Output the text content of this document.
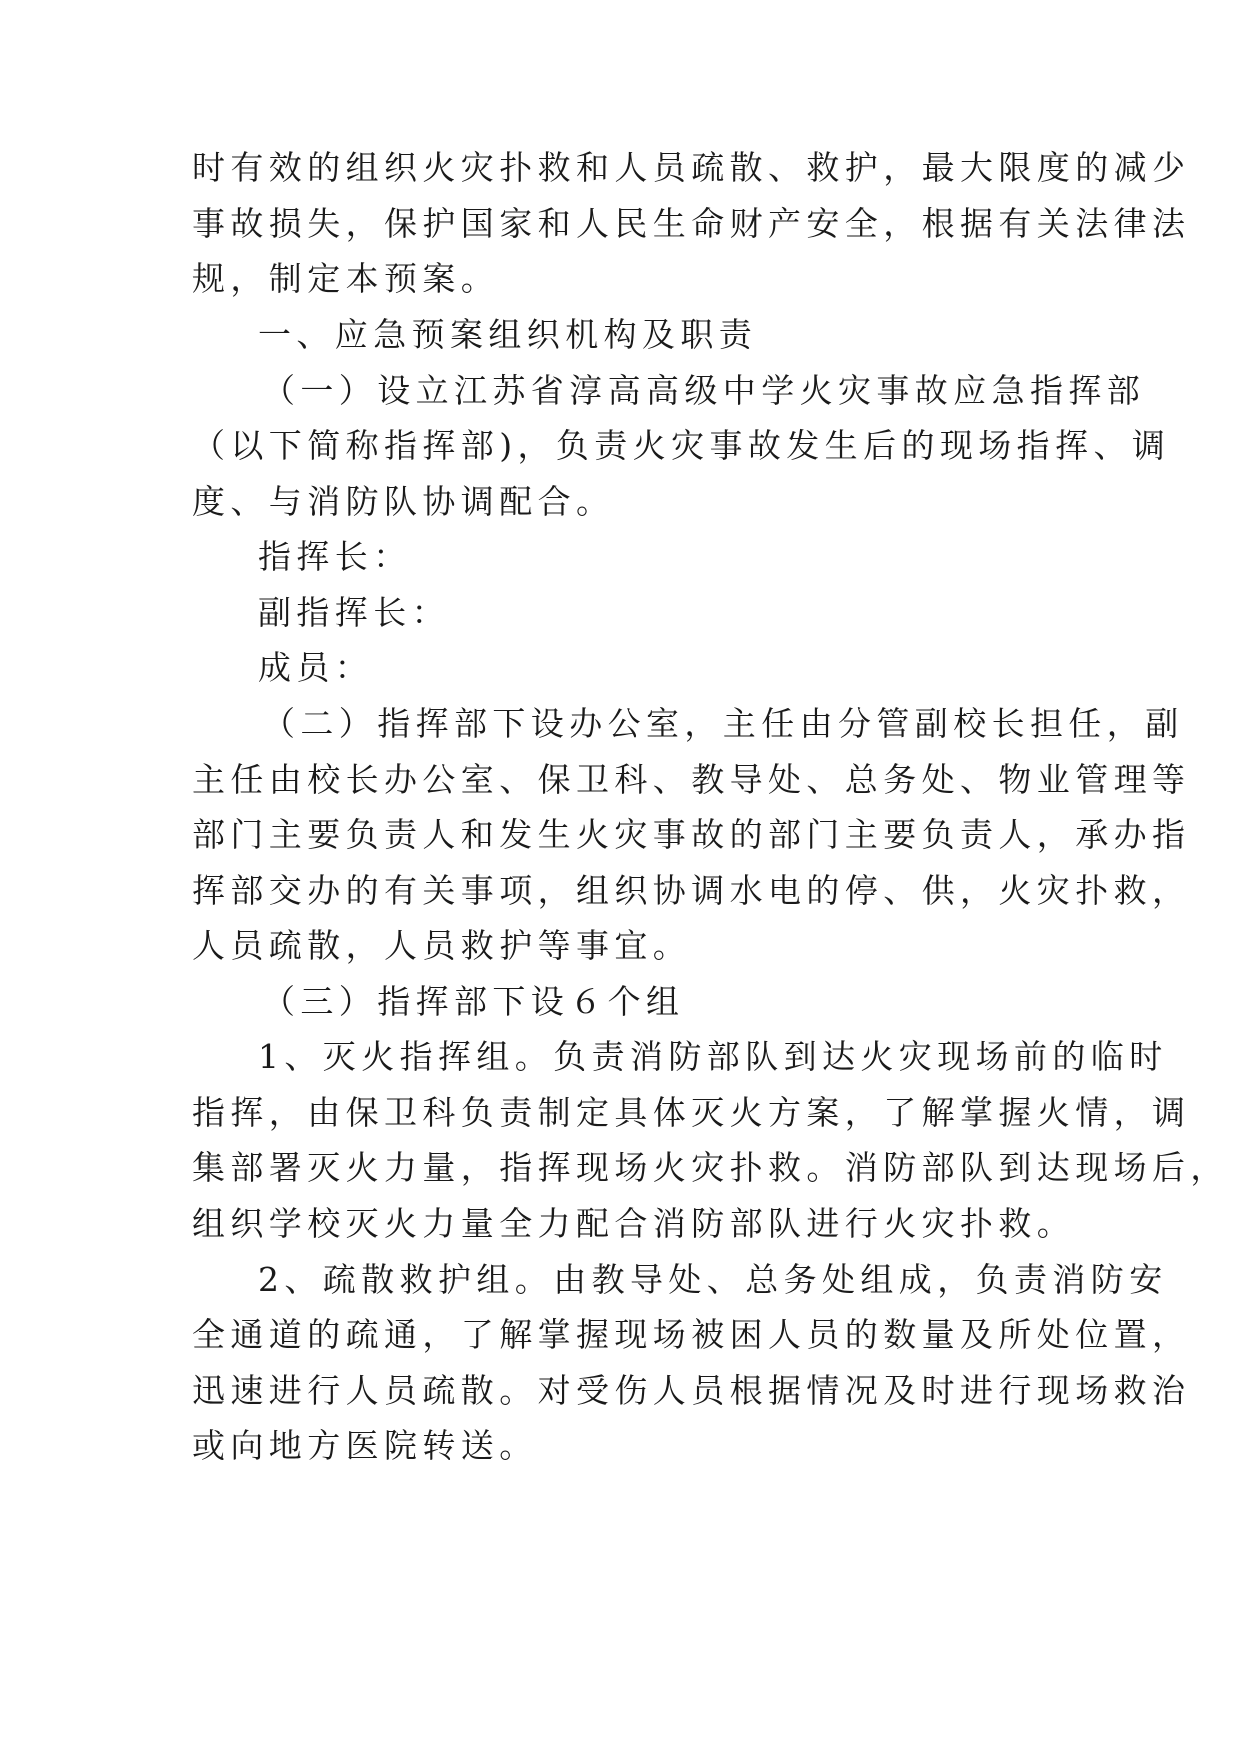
时有效的组织火灾扑救和人员疏散、救护，最大限度的减少
事故损失，保护国家和人民生命财产安全，根据有关法律法
规，制定本预案。
一、应急预案组织机构及职责
（一）设立江苏省淳高高级中学火灾事故应急指挥部
（以下简称指挥部)，负责火灾事故发生后的现场指挥、调
度、与消防队协调配合。
指挥长：
副指挥长：
成员：
（二）指挥部下设办公室，主任由分管副校长担任，副
主任由校长办公室、保卫科、教导处、总务处、物业管理等
部门主要负责人和发生火灾事故的部门主要负责人，承办指
挥部交办的有关事项，组织协调水电的停、供，火灾扑救，
人员疏散，人员救护等事宜。
（三）指挥部下设６个组
1、灭火指挥组。负责消防部队到达火灾现场前的临时
指挥，由保卫科负责制定具体灭火方案，了解掌握火情，调
集部署灭火力量，指挥现场火灾扑救。消防部队到达现场后，
组织学校灭火力量全力配合消防部队进行火灾扑救。
2、疏散救护组。由教导处、总务处组成，负责消防安
全通道的疏通，了解掌握现场被困人员的数量及所处位置，
迅速进行人员疏散。对受伤人员根据情况及时进行现场救治
或向地方医院转送。
